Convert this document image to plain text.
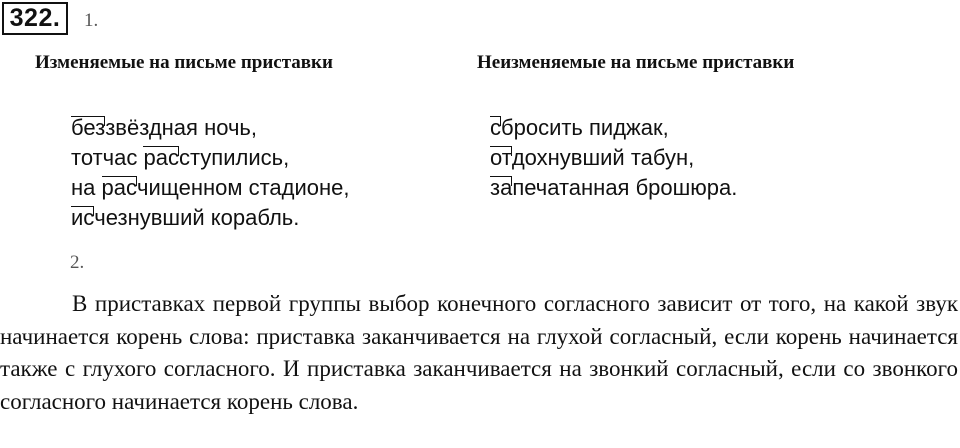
322.	1.
Изменяемые на письме приставки	Неизменяемые на письме приставки
беззвёздная ночь,
тотчас расступились,
на расчищенном стадионе,
исчезнувший корабль.
сбросить пиджак,
отдохнувший табун,
запечатанная брошюра.
2.

В приставках первой группы выбор конечного согласного зависит от того, на какой звук начинается корень слова: приставка заканчивается на глухой согласный, если корень начинается также с глухого согласного. И приставка заканчивается на звонкий согласный, если со звонкого согласного начинается корень слова.
